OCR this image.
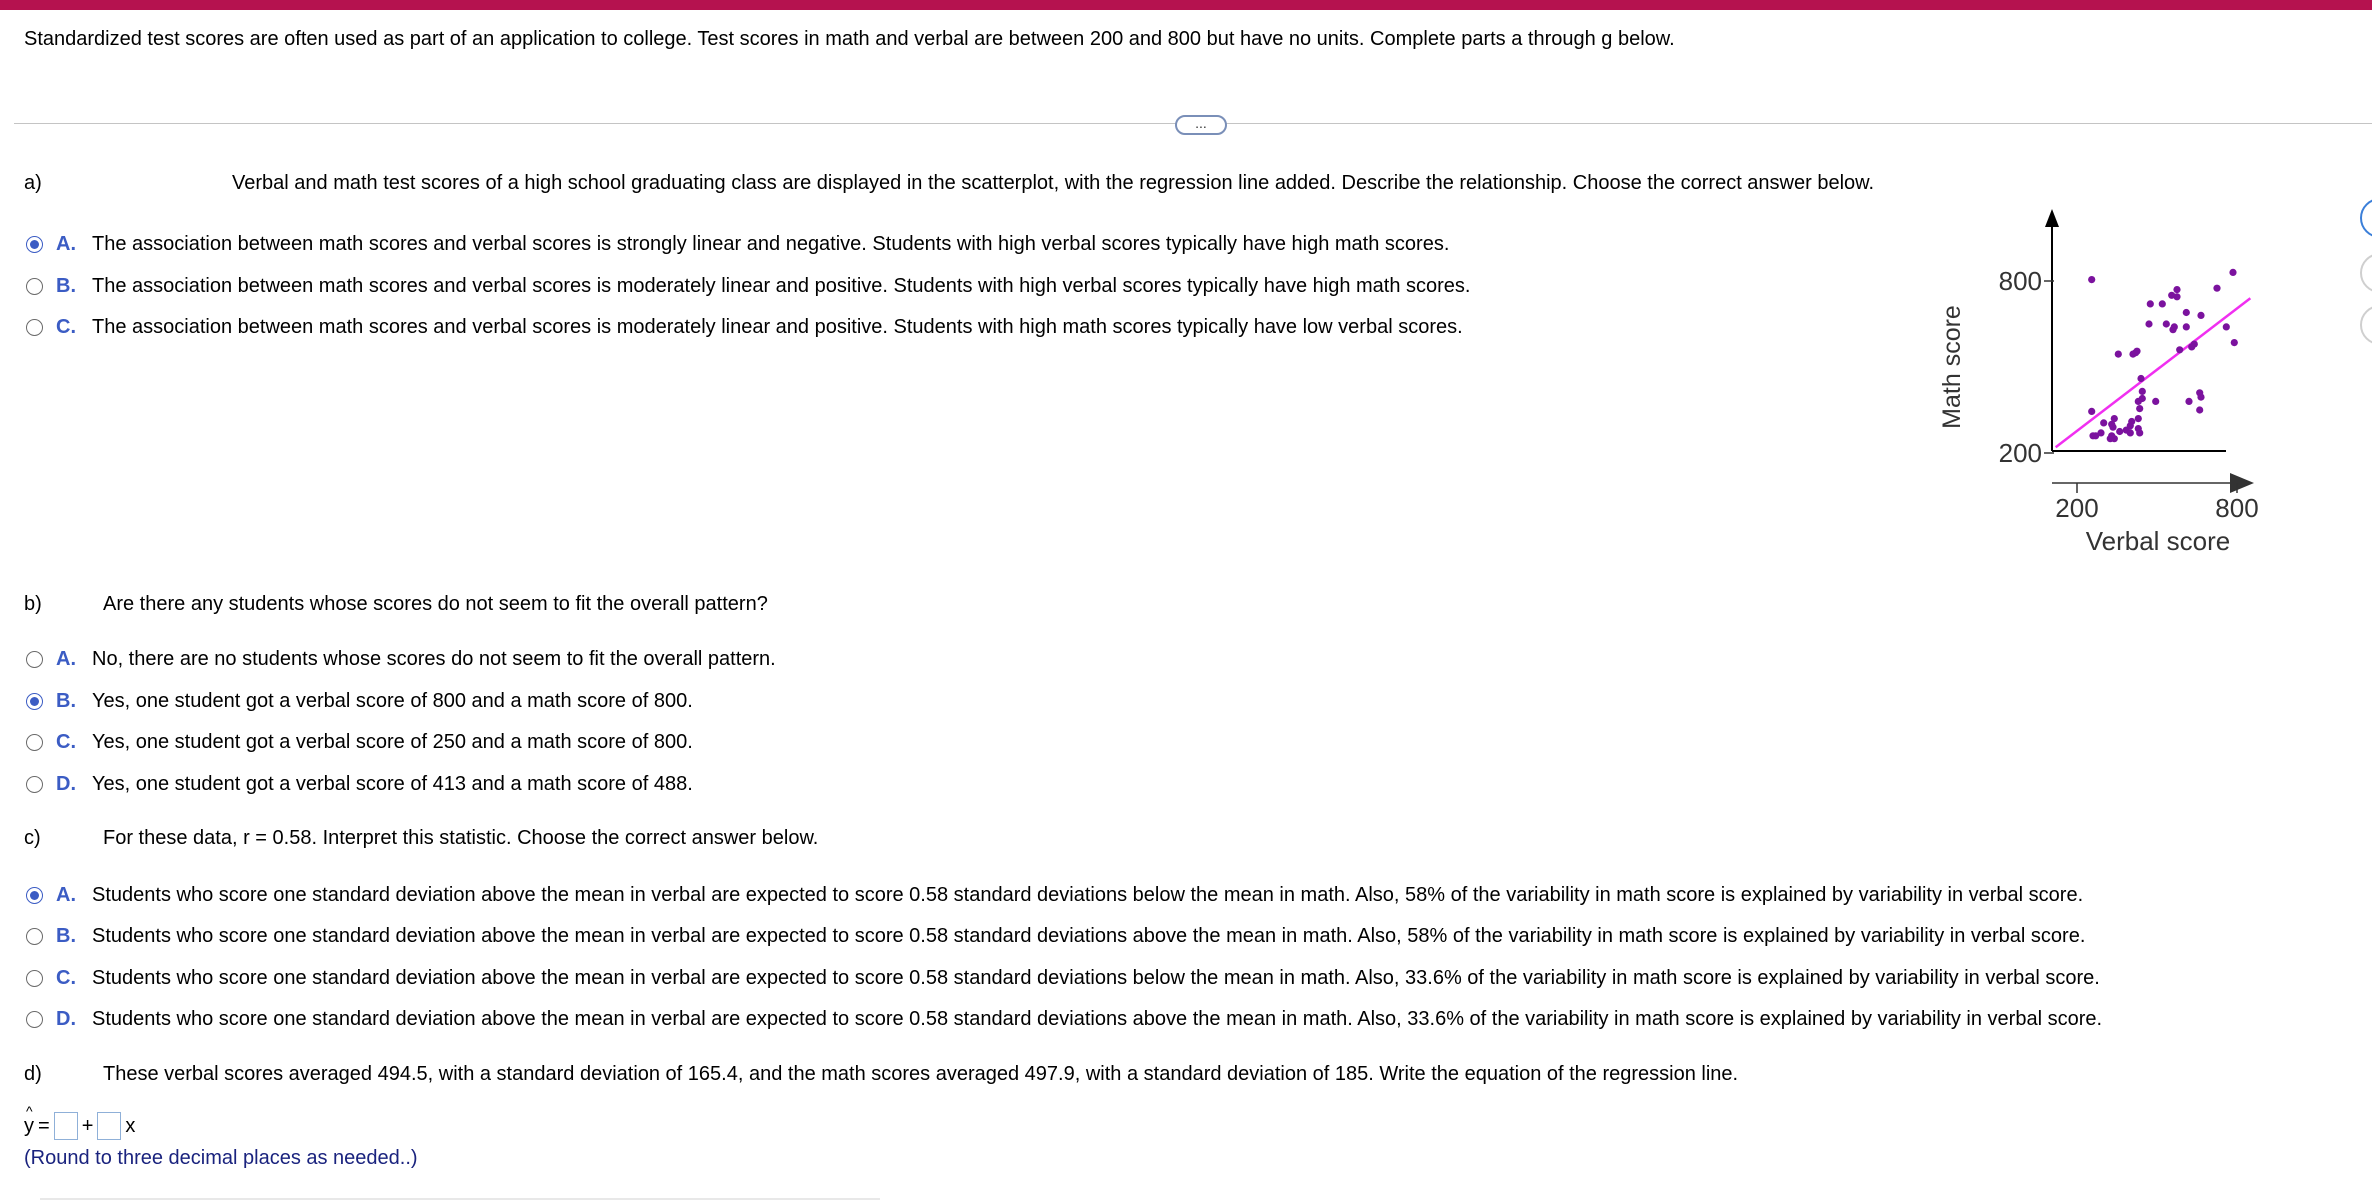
Standardized test scores are often used as part of an application to college. Test scores in math and verbal are between 200 and 800 but have no units. Complete parts a through g below.
...
a)	Verbal and math test scores of a high school graduating class are displayed in the scatterplot, with the regression line added. Describe the relationship. Choose the correct answer below.
A. The association between math scores and verbal scores is strongly linear and negative. Students with high verbal scores typically have high math scores.
B. The association between math scores and verbal scores is moderately linear and positive. Students with high verbal scores typically have high math scores.
C. The association between math scores and verbal scores is moderately linear and positive. Students with high math scores typically have low verbal scores.	Math score
800
200
200	800
Verbal score
b)	Are there any students whose scores do not seem to fit the overall pattern?
A. No, there are no students whose scores do not seem to fit the overall pattern.
B. Yes, one student got a verbal score of 800 and a math score of 800.
C. Yes, one student got a verbal score of 250 and a math score of 800.
D. Yes, one student got a verbal score of 413 and a math score of 488.
c)	For these data, r = 0.58. Interpret this statistic. Choose the correct answer below.
A. Students who score one standard deviation above the mean in verbal are expected to score 0.58 standard deviations below the mean in math. Also, 58% of the variability in math score is explained by variability in verbal score.
B. Students who score one standard deviation above the mean in verbal are expected to score 0.58 standard deviations above the mean in math. Also, 58% of the variability in math score is explained by variability in verbal score.
C. Students who score one standard deviation above the mean in verbal are expected to score 0.58 standard deviations below the mean in math. Also, 33.6% of the variability in math score is explained by variability in verbal score.
D. Students who score one standard deviation above the mean in verbal are expected to score 0.58 standard deviations above the mean in math. Also, 33.6% of the variability in math score is explained by variability in verbal score.
d)	These verbal scores averaged 494.5, with a standard deviation of 165.4, and the math scores averaged 497.9, with a standard deviation of 185. Write the equation of the regression line.
^
y = + x
(Round to three decimal places as needed..)
